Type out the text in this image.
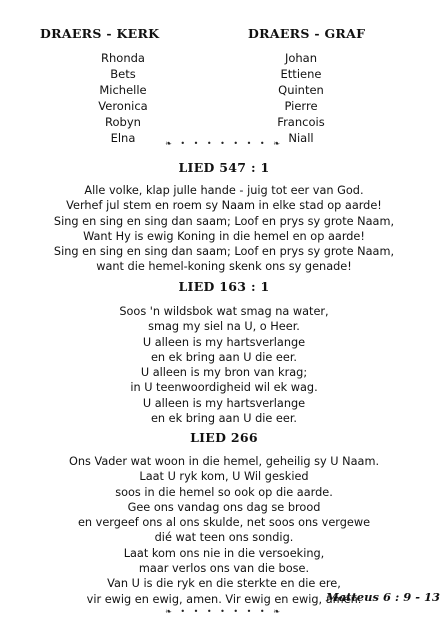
DRAERS - KERK	DRAERS - GRAF
Rhonda
Bets
Michelle
Veronica
Robyn
Elna
Johan
Ettiene
Quinten
Pierre
Francois
Niall
❧ • • • • • • • ❧
LIED 547 : 1
Alle volke, klap julle hande - juig tot eer van God.
Verhef jul stem en roem sy Naam in elke stad op aarde!
Sing en sing en sing dan saam; Loof en prys sy grote Naam,
Want Hy is ewig Koning in die hemel en op aarde!
Sing en sing en sing dan saam; Loof en prys sy grote Naam,
want die hemel-koning skenk ons sy genade!
LIED 163 : 1
Soos 'n wildsbok wat smag na water,
smag my siel na U, o Heer.
U alleen is my hartsverlange
en ek bring aan U die eer.
U alleen is my bron van krag;
in U teenwoordigheid wil ek wag.
U alleen is my hartsverlange
en ek bring aan U die eer.
LIED 266
Ons Vader wat woon in die hemel, geheilig sy U Naam.
Laat U ryk kom, U Wil geskied
soos in die hemel so ook op die aarde.
Gee ons vandag ons dag se brood
en vergeef ons al ons skulde, net soos ons vergewe
dié wat teen ons sondig.
Laat kom ons nie in die versoeking,
maar verlos ons van die bose.
Van U is die ryk en die sterkte en die ere,
vir ewig en ewig, amen. Vir ewig en ewig, amen.
Matteus 6 : 9 - 13
❧ • • • • • • • ❧
